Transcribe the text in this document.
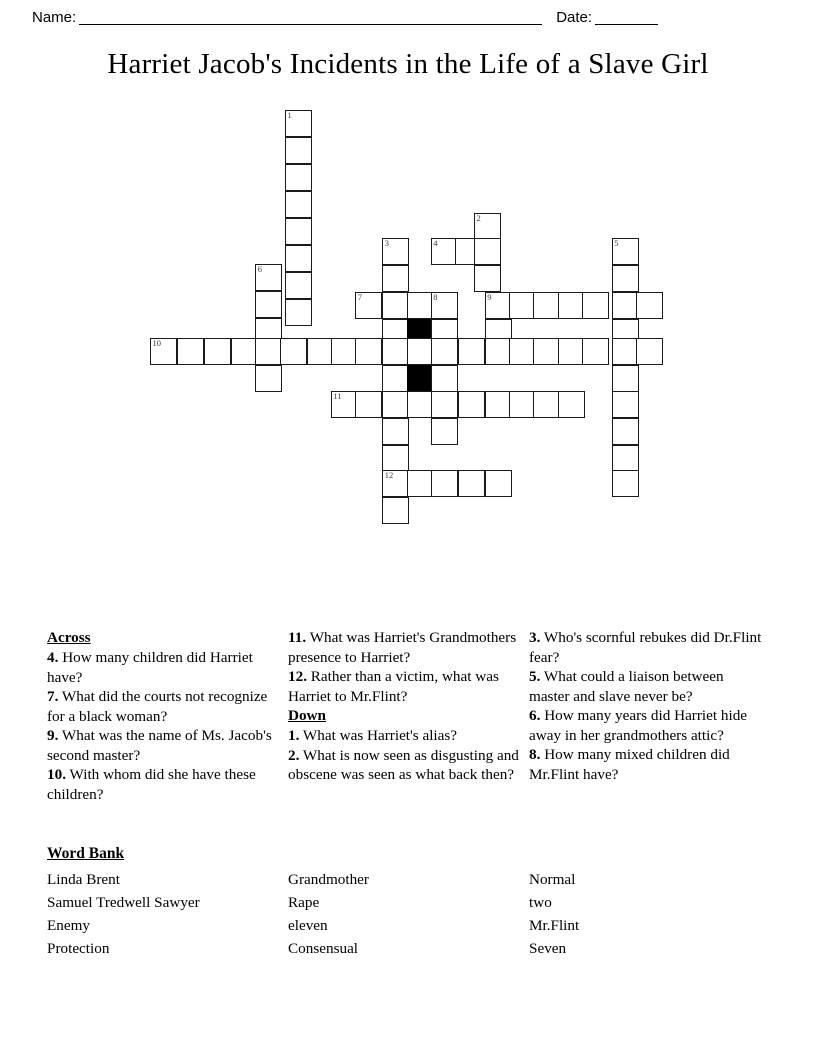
Name:	Date:
Harriet Jacob's Incidents in the Life of a Slave Girl
1
2
3	4	5
6
7	8	9
10
11
12
Across
4. How many children did Harriet have?
7. What did the courts not recognize for a black woman?
9. What was the name of Ms. Jacob's second master?
10. With whom did she have these children?
11. What was Harriet's Grandmothers presence to Harriet?
12. Rather than a victim, what was Harriet to Mr.Flint?
Down
1. What was Harriet's alias?
2. What is now seen as disgusting and obscene was seen as what back then?
3. Who's scornful rebukes did Dr.Flint fear?
5. What could a liaison between master and slave never be?
6. How many years did Harriet hide away in her grandmothers attic?
8. How many mixed children did Mr.Flint have?
Word Bank
Linda Brent
Samuel Tredwell Sawyer
Enemy
Protection
Grandmother
Rape
eleven
Consensual
Normal
two
Mr.Flint
Seven
